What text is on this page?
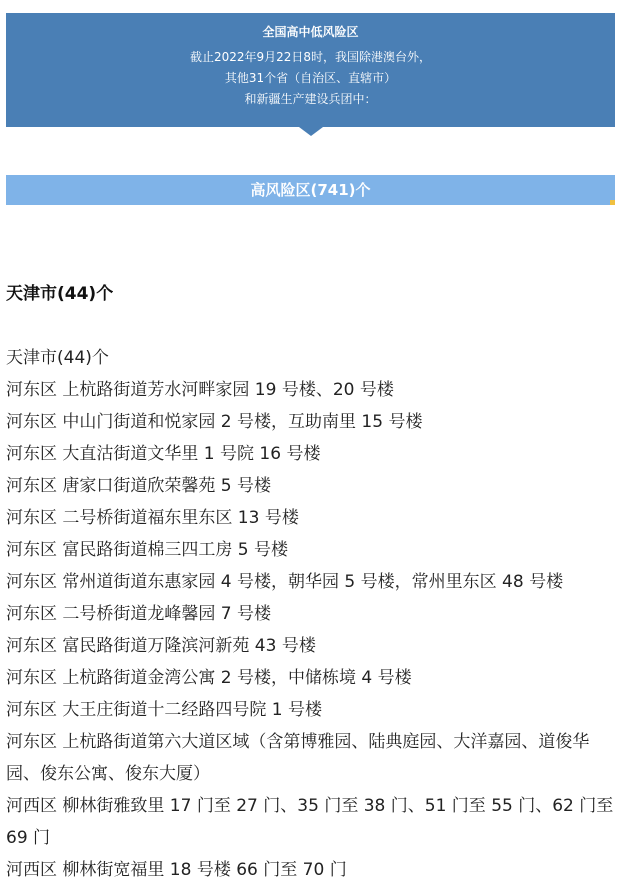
全国高中低风险区
截止2022年9月22日8时，我国除港澳台外，
其他31个省（自治区、直辖市）
和新疆生产建设兵团中：
高风险区(741)个
天津市(44)个
天津市(44)个
河东区 上杭路街道芳水河畔家园 19 号楼、20 号楼
河东区 中山门街道和悦家园 2 号楼，互助南里 15 号楼
河东区 大直沽街道文华里 1 号院 16 号楼
河东区 唐家口街道欣荣馨苑 5 号楼
河东区 二号桥街道福东里东区 13 号楼
河东区 富民路街道棉三四工房 5 号楼
河东区 常州道街道东惠家园 4 号楼，朝华园 5 号楼，常州里东区 48 号楼
河东区 二号桥街道龙峰馨园 7 号楼
河东区 富民路街道万隆滨河新苑 43 号楼
河东区 上杭路街道金湾公寓 2 号楼，中储栋境 4 号楼
河东区 大王庄街道十二经路四号院 1 号楼
河东区 上杭路街道第六大道区域（含第博雅园、陆典庭园、大洋嘉园、道俊华园、俊东公寓、俊东大厦）
河西区 柳林街雅致里 17 门至 27 门、35 门至 38 门、51 门至 55 门、62 门至 69 门
河西区 柳林街宽福里 18 号楼 66 门至 70 门
